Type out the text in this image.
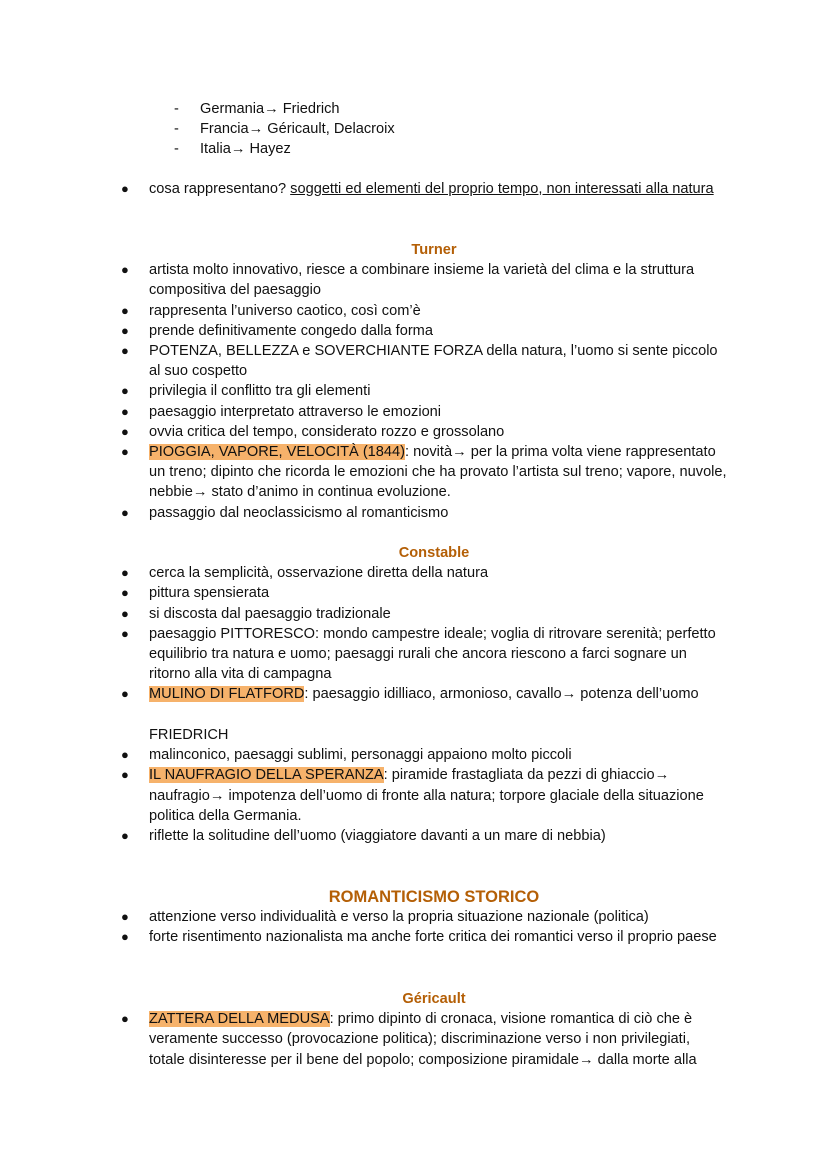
- Germania→ Friedrich
- Francia→ Géricault, Delacroix
- Italia→ Hayez
● cosa rappresentano? soggetti ed elementi del proprio tempo, non interessati alla natura
Turner
● artista molto innovativo, riesce a combinare insieme la varietà del clima e la struttura compositiva del paesaggio
● rappresenta l’universo caotico, così com’è
● prende definitivamente congedo dalla forma
● POTENZA, BELLEZZA e SOVERCHIANTE FORZA della natura, l’uomo si sente piccolo al suo cospetto
● privilegia il conflitto tra gli elementi
● paesaggio interpretato attraverso le emozioni
● ovvia critica del tempo, considerato rozzo e grossolano
● PIOGGIA, VAPORE, VELOCITÀ (1844): novità→ per la prima volta viene rappresentato un treno; dipinto che ricorda le emozioni che ha provato l’artista sul treno; vapore, nuvole, nebbie→ stato d’animo in continua evoluzione.
● passaggio dal neoclassicismo al romanticismo
Constable
● cerca la semplicità, osservazione diretta della natura
● pittura spensierata
● si discosta dal paesaggio tradizionale
● paesaggio PITTORESCO: mondo campestre ideale; voglia di ritrovare serenità; perfetto equilibrio tra natura e uomo; paesaggi rurali che ancora riescono a farci sognare un ritorno alla vita di campagna
● MULINO DI FLATFORD: paesaggio idilliaco, armonioso, cavallo→ potenza dell’uomo
FRIEDRICH
● malinconico, paesaggi sublimi, personaggi appaiono molto piccoli
● IL NAUFRAGIO DELLA SPERANZA: piramide frastagliata da pezzi di ghiaccio→ naufragio→ impotenza dell’uomo di fronte alla natura; torpore glaciale della situazione politica della Germania.
● riflette la solitudine dell’uomo (viaggiatore davanti a un mare di nebbia)
ROMANTICISMO STORICO
● attenzione verso individualità e verso la propria situazione nazionale (politica)
● forte risentimento nazionalista ma anche forte critica dei romantici verso il proprio paese
Géricault
● ZATTERA DELLA MEDUSA: primo dipinto di cronaca, visione romantica di ciò che è veramente successo (provocazione politica); discriminazione verso i non privilegiati, totale disinteresse per il bene del popolo; composizione piramidale→ dalla morte alla
